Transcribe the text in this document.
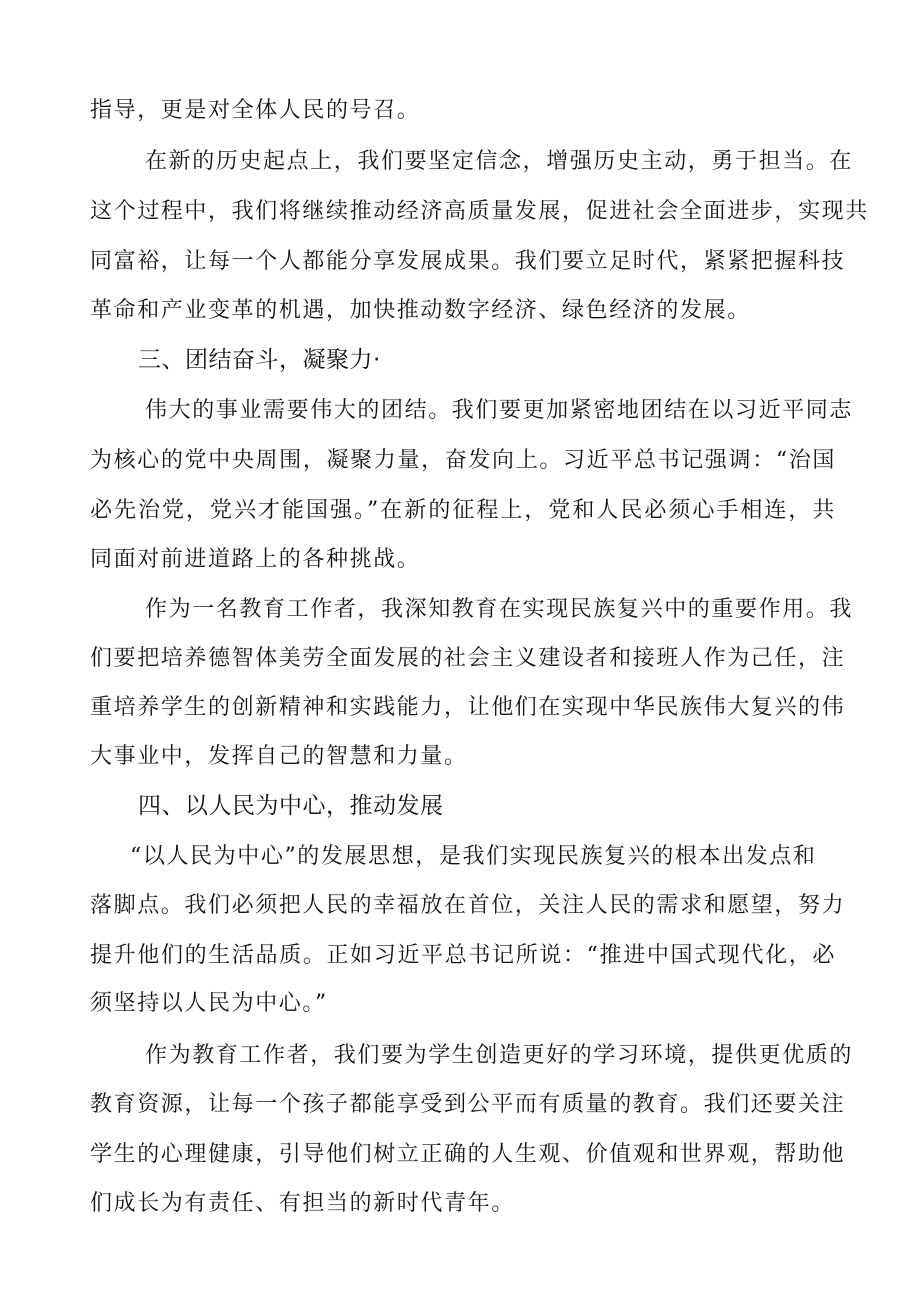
指导，更是对全体人民的号召。
在新的历史起点上，我们要坚定信念，增强历史主动，勇于担当。在
这个过程中，我们将继续推动经济高质量发展，促进社会全面进步，实现共
同富裕，让每一个人都能分享发展成果。我们要立足时代，紧紧把握科技
革命和产业变革的机遇，加快推动数字经济、绿色经济的发展。
三、团结奋斗，凝聚力·
伟大的事业需要伟大的团结。我们要更加紧密地团结在以习近平同志
为核心的党中央周围，凝聚力量，奋发向上。习近平总书记强调：“治国
必先治党，党兴才能国强。”在新的征程上，党和人民必须心手相连，共
同面对前进道路上的各种挑战。
作为一名教育工作者，我深知教育在实现民族复兴中的重要作用。我
们要把培养德智体美劳全面发展的社会主义建设者和接班人作为己任，注
重培养学生的创新精神和实践能力，让他们在实现中华民族伟大复兴的伟
大事业中，发挥自己的智慧和力量。
四、以人民为中心，推动发展
“以人民为中心”的发展思想，是我们实现民族复兴的根本出发点和
落脚点。我们必须把人民的幸福放在首位，关注人民的需求和愿望，努力
提升他们的生活品质。正如习近平总书记所说：“推进中国式现代化，必
须坚持以人民为中心。”
作为教育工作者，我们要为学生创造更好的学习环境，提供更优质的
教育资源，让每一个孩子都能享受到公平而有质量的教育。我们还要关注
学生的心理健康，引导他们树立正确的人生观、价值观和世界观，帮助他
们成长为有责任、有担当的新时代青年。
